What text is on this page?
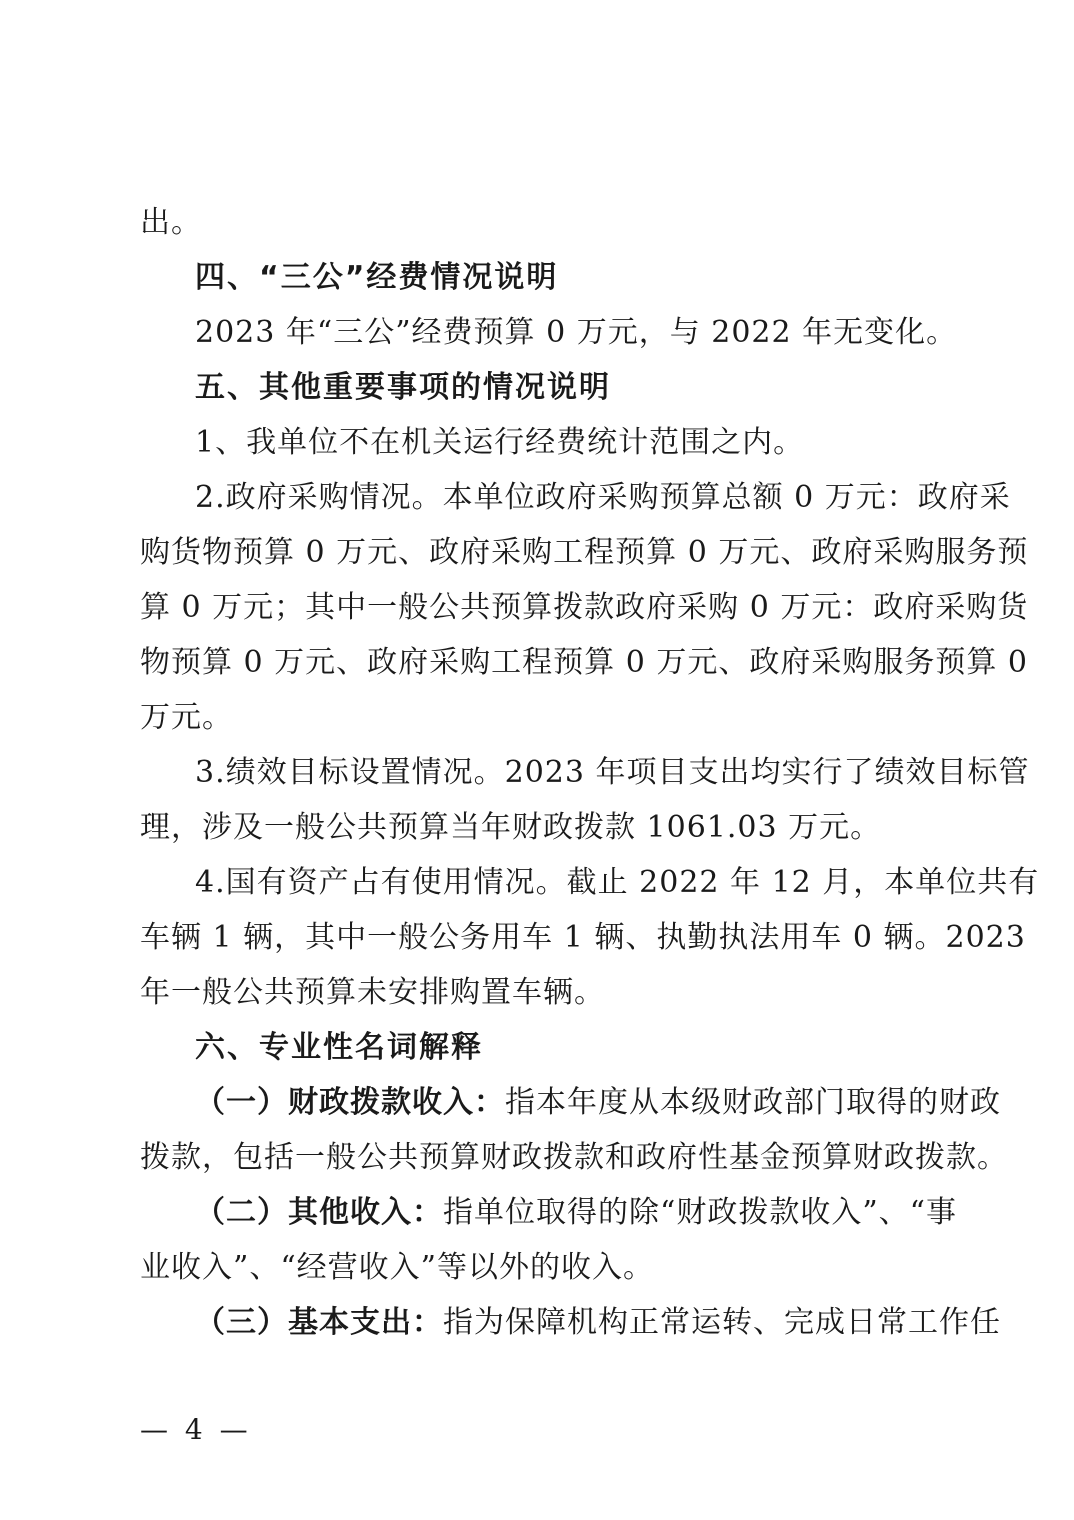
出。
四、“三公”经费情况说明
2023 年“三公”经费预算 0 万元，与 2022 年无变化。
五、其他重要事项的情况说明
1、我单位不在机关运行经费统计范围之内。
2.政府采购情况。本单位政府采购预算总额 0 万元：政府采
购货物预算 0 万元、政府采购工程预算 0 万元、政府采购服务预
算 0 万元；其中一般公共预算拨款政府采购 0 万元：政府采购货
物预算 0 万元、政府采购工程预算 0 万元、政府采购服务预算 0
万元。
3.绩效目标设置情况。2023 年项目支出均实行了绩效目标管
理，涉及一般公共预算当年财政拨款 1061.03 万元。
4.国有资产占有使用情况。截止 2022 年 12 月，本单位共有
车辆 1 辆，其中一般公务用车 1 辆、执勤执法用车 0 辆。2023
年一般公共预算未安排购置车辆。
六、专业性名词解释
（一）财政拨款收入：指本年度从本级财政部门取得的财政
拨款，包括一般公共预算财政拨款和政府性基金预算财政拨款。
（二）其他收入：指单位取得的除“财政拨款收入”、“事
业收入”、“经营收入”等以外的收入。
（三）基本支出：指为保障机构正常运转、完成日常工作任
— 4 —
